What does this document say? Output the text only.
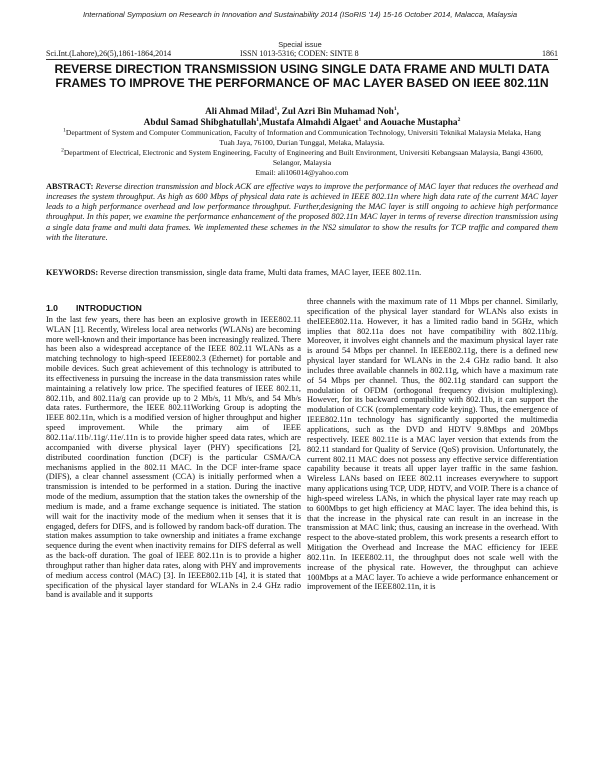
International Symposium on Research in Innovation and Sustainability 2014 (ISoRIS '14) 15-16 October 2014, Malacca, Malaysia
Special issue
Sci.Int.(Lahore),26(5),1861-1864,2014	ISSN 1013-5316; CODEN: SINTE 8	1861
REVERSE DIRECTION TRANSMISSION USING SINGLE DATA FRAME AND MULTI DATA FRAMES TO IMPROVE THE PERFORMANCE OF MAC LAYER BASED ON IEEE 802.11N
Ali Ahmad Milad$^1$, Zul Azri Bin Muhamad Noh$^1$,
Abdul Samad Shibghatullah$^1$,Mustafa Almahdi Algaet$^1$ and Aouache Mustapha$^2$
$^1$Department of System and Computer Communication, Faculty of Information and Communication Technology, Universiti Teknikal Malaysia Melaka, Hang Tuah Jaya, 76100, Durian Tunggal, Melaka, Malaysia.
$^2$Department of Electrical, Electronic and System Engineering, Faculty of Engineering and Built Environment, Universiti Kebangsaan Malaysia, Bangi 43600, Selangor, Malaysia
Email: ali106014@yahoo.com
ABSTRACT: Reverse direction transmission and block ACK are effective ways to improve the performance of MAC layer that reduces the overhead and increases the system throughput. As high as 600 Mbps of physical data rate is achieved in IEEE 802.11n where high data rate of the current MAC layer leads to a high performance overhead and low performance throughput. Further,designing the MAC layer is still ongoing to achieve high performance throughput. In this paper, we examine the performance enhancement of the proposed 802.11n MAC layer in terms of reverse direction transmission using a single data frame and multi data frames. We implemented these schemes in the NS2 simulator to show the results for TCP traffic and compared them with the literature.
KEYWORDS: Reverse direction transmission, single data frame, Multi data frames, MAC layer, IEEE 802.11n.
1.0 INTRODUCTION

In the last few years, there has been an explosive growth in IEEE802.11 WLAN [1]. Recently, Wireless local area networks (WLANs) are becoming more well-known and their importance has been increasingly realized. There has been also a widespread acceptance of the IEEE 802.11 WLANs as a matching technology to high-speed IEEE802.3 (Ethernet) for portable and mobile devices. Such great achievement of this technology is attributed to its effectiveness in pursuing the increase in the data transmission rates while maintaining a relatively low price. The specified features of IEEE 802.11, 802.11b, and 802.11a/g can provide up to 2 Mb/s, 11 Mb/s, and 54 Mb/s data rates. Furthermore, the IEEE 802.11Working Group is adopting the IEEE 802.11n, which is a modified version of higher throughput and higher speed improvement. While the primary aim of IEEE 802.11a/.11b/.11g/.11e/.11n is to provide higher speed data rates, which are accompanied with diverse physical layer (PHY) specifications [2], distributed coordination function (DCF) is the particular CSMA/CA mechanisms applied in the 802.11 MAC. In the DCF inter-frame space (DIFS), a clear channel assessment (CCA) is initially performed when a transmission is intended to be performed in a station. During the inactive mode of the medium, assumption that the station takes the ownership of the medium is made, and a frame exchange sequence is initiated. The station will wait for the inactivity mode of the medium when it senses that it is engaged, defers for DIFS, and is followed by random back-off duration. The station makes assumption to take ownership and initiates a frame exchange sequence during the event when inactivity remains for DIFS deferral as well as the back-off duration. The goal of IEEE 802.11n is to provide a higher throughput rather than higher data rates, along with PHY and improvements of medium access control (MAC) [3]. In IEEE802.11b [4], it is stated that specification of the physical layer standard for WLANs in 2.4 GHz radio band is available and it supports

three channels with the maximum rate of 11 Mbps per channel. Similarly, specification of the physical layer standard for WLANs also exists in theIEEE802.11a. However, it has a limited radio band in 5GHz, which implies that 802.11a does not have compatibility with 802.11b/g. Moreover, it involves eight channels and the maximum physical layer rate is around 54 Mbps per channel. In IEEE802.11g, there is a defined new physical layer standard for WLANs in the 2.4 GHz radio band. It also includes three available channels in 802.11g, which have a maximum rate of 54 Mbps per channel. Thus, the 802.11g standard can support the modulation of OFDM (orthogonal frequency division multiplexing). However, for its backward compatibility with 802.11b, it can support the modulation of CCK (complementary code keying). Thus, the emergence of IEEE802.11n technology has significantly supported the multimedia applications, such as the DVD and HDTV 9.8Mbps and 20Mbps respectively. IEEE 802.11e is a MAC layer version that extends from the 802.11 standard for Quality of Service (QoS) provision. Unfortunately, the current 802.11 MAC does not possess any effective service differentiation capability because it treats all upper layer traffic in the same fashion. Wireless LANs based on IEEE 802.11 increases everywhere to support many applications using TCP, UDP, HDTV, and VOIP. There is a chance of high-speed wireless LANs, in which the physical layer rate may reach up to 600Mbps to get high efficiency at MAC layer. The idea behind this, is that the increase in the physical rate can result in an increase in the transmission at MAC link; thus, causing an increase in the overhead. With respect to the above-stated problem, this work presents a research effort to Mitigation the Overhead and Increase the MAC efficiency for IEEE 802.11n. In IEEE802.11, the throughput does not scale well with the increase of the physical rate. However, the throughput can achieve 100Mbps at a MAC layer. To achieve a wide performance enhancement or improvement of the IEEE802.11n, it is
